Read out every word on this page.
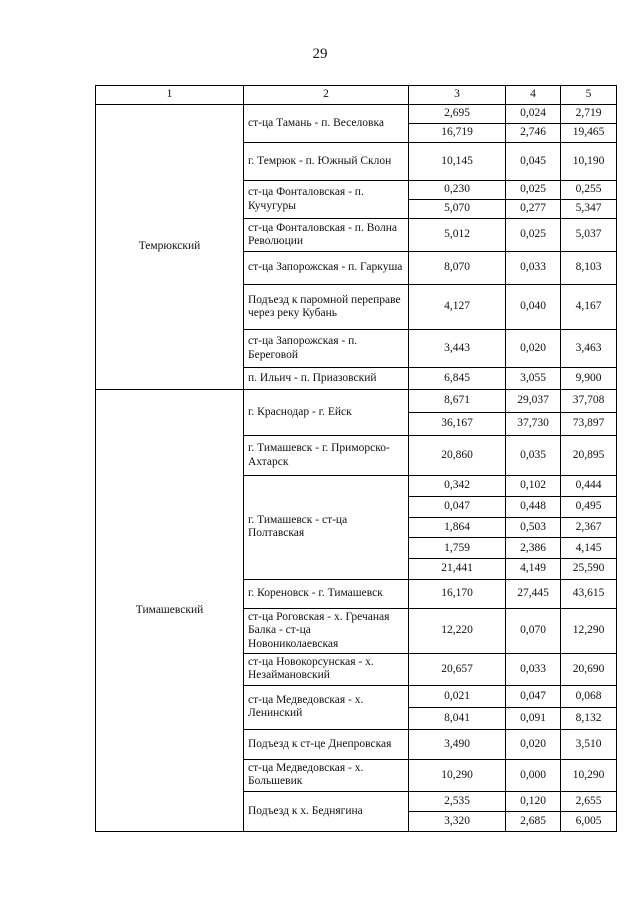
29
1	2	3	4	5
Темрюкский	ст-ца Тамань - п. Веселовка	2,695	0,024	2,719
		16,719	2,746	19,465
	г. Темрюк - п. Южный Склон	10,145	0,045	10,190
	ст-ца Фонталовская - п. Кучугуры	0,230	0,025	0,255
		5,070	0,277	5,347
	ст-ца Фонталовская - п. Волна Революции	5,012	0,025	5,037
	ст-ца Запорожская - п. Гаркуша	8,070	0,033	8,103
	Подъезд к паромной переправе через реку Кубань	4,127	0,040	4,167
	ст-ца Запорожская - п. Береговой	3,443	0,020	3,463
	п. Ильич - п. Приазовский	6,845	3,055	9,900
Тимашевский	г. Краснодар - г. Ейск	8,671	29,037	37,708
		36,167	37,730	73,897
	г. Тимашевск - г. Приморско-Ахтарск	20,860	0,035	20,895
	г. Тимашевск - ст-ца Полтавская	0,342	0,102	0,444
		0,047	0,448	0,495
		1,864	0,503	2,367
		1,759	2,386	4,145
		21,441	4,149	25,590
	г. Кореновск - г. Тимашевск	16,170	27,445	43,615
	ст-ца Роговская - х. Гречаная Балка - ст-ца Новониколаевская	12,220	0,070	12,290
	ст-ца Новокорсунская - х. Незаймановский	20,657	0,033	20,690
	ст-ца Медведовская - х. Ленинский	0,021	0,047	0,068
		8,041	0,091	8,132
	Подъезд к ст-це Днепровская	3,490	0,020	3,510
	ст-ца Медведовская - х. Большевик	10,290	0,000	10,290
	Подъезд к х. Беднягина	2,535	0,120	2,655
		3,320	2,685	6,005
